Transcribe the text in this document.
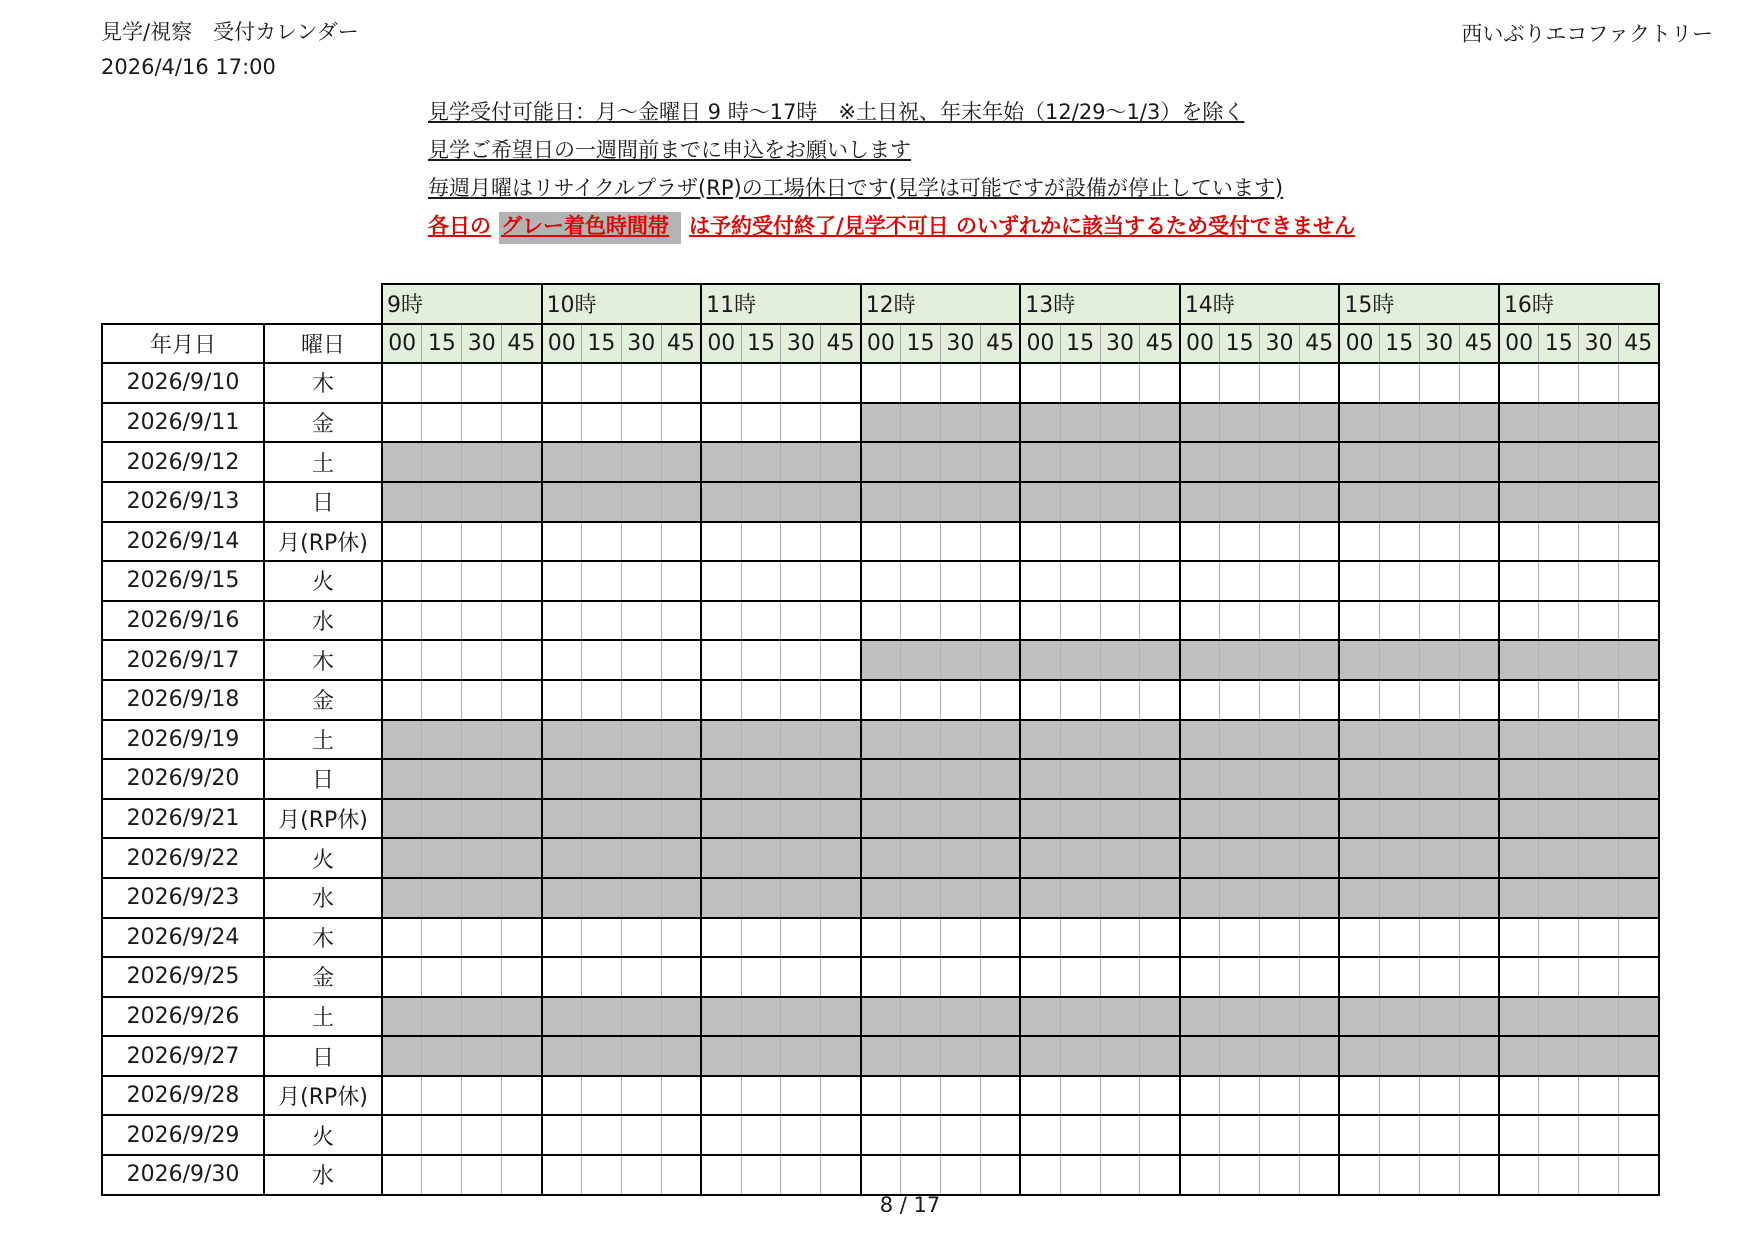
見学/視察　受付カレンダー
2026/4/16 17:00
西いぶりエコファクトリー
見学受付可能日：月～金曜日 9 時～17時　※土日祝、年末年始（12/29～1/3）を除く
見学ご希望日の一週間前までに申込をお願いします
毎週月曜はリサイクルプラザ(RP)の工場休日です(見学は可能ですが設備が停止しています)
各日の グレー着色時間帯 は予約受付終了/見学不可日 のいずれかに該当するため受付できません
		9時				10時				11時				12時				13時				14時				15時				16時			
年月日	曜日	00	15	30	45	00	15	30	45	00	15	30	45	00	15	30	45	00	15	30	45	00	15	30	45	00	15	30	45	00	15	30	45
2026/9/10	木																																
2026/9/11	金																																
2026/9/12	土																																
2026/9/13	日																																
2026/9/14	月(RP休)																																
2026/9/15	火																																
2026/9/16	水																																
2026/9/17	木																																
2026/9/18	金																																
2026/9/19	土																																
2026/9/20	日																																
2026/9/21	月(RP休)																																
2026/9/22	火																																
2026/9/23	水																																
2026/9/24	木																																
2026/9/25	金																																
2026/9/26	土																																
2026/9/27	日																																
2026/9/28	月(RP休)																																
2026/9/29	火																																
2026/9/30	水																																
8 / 17
